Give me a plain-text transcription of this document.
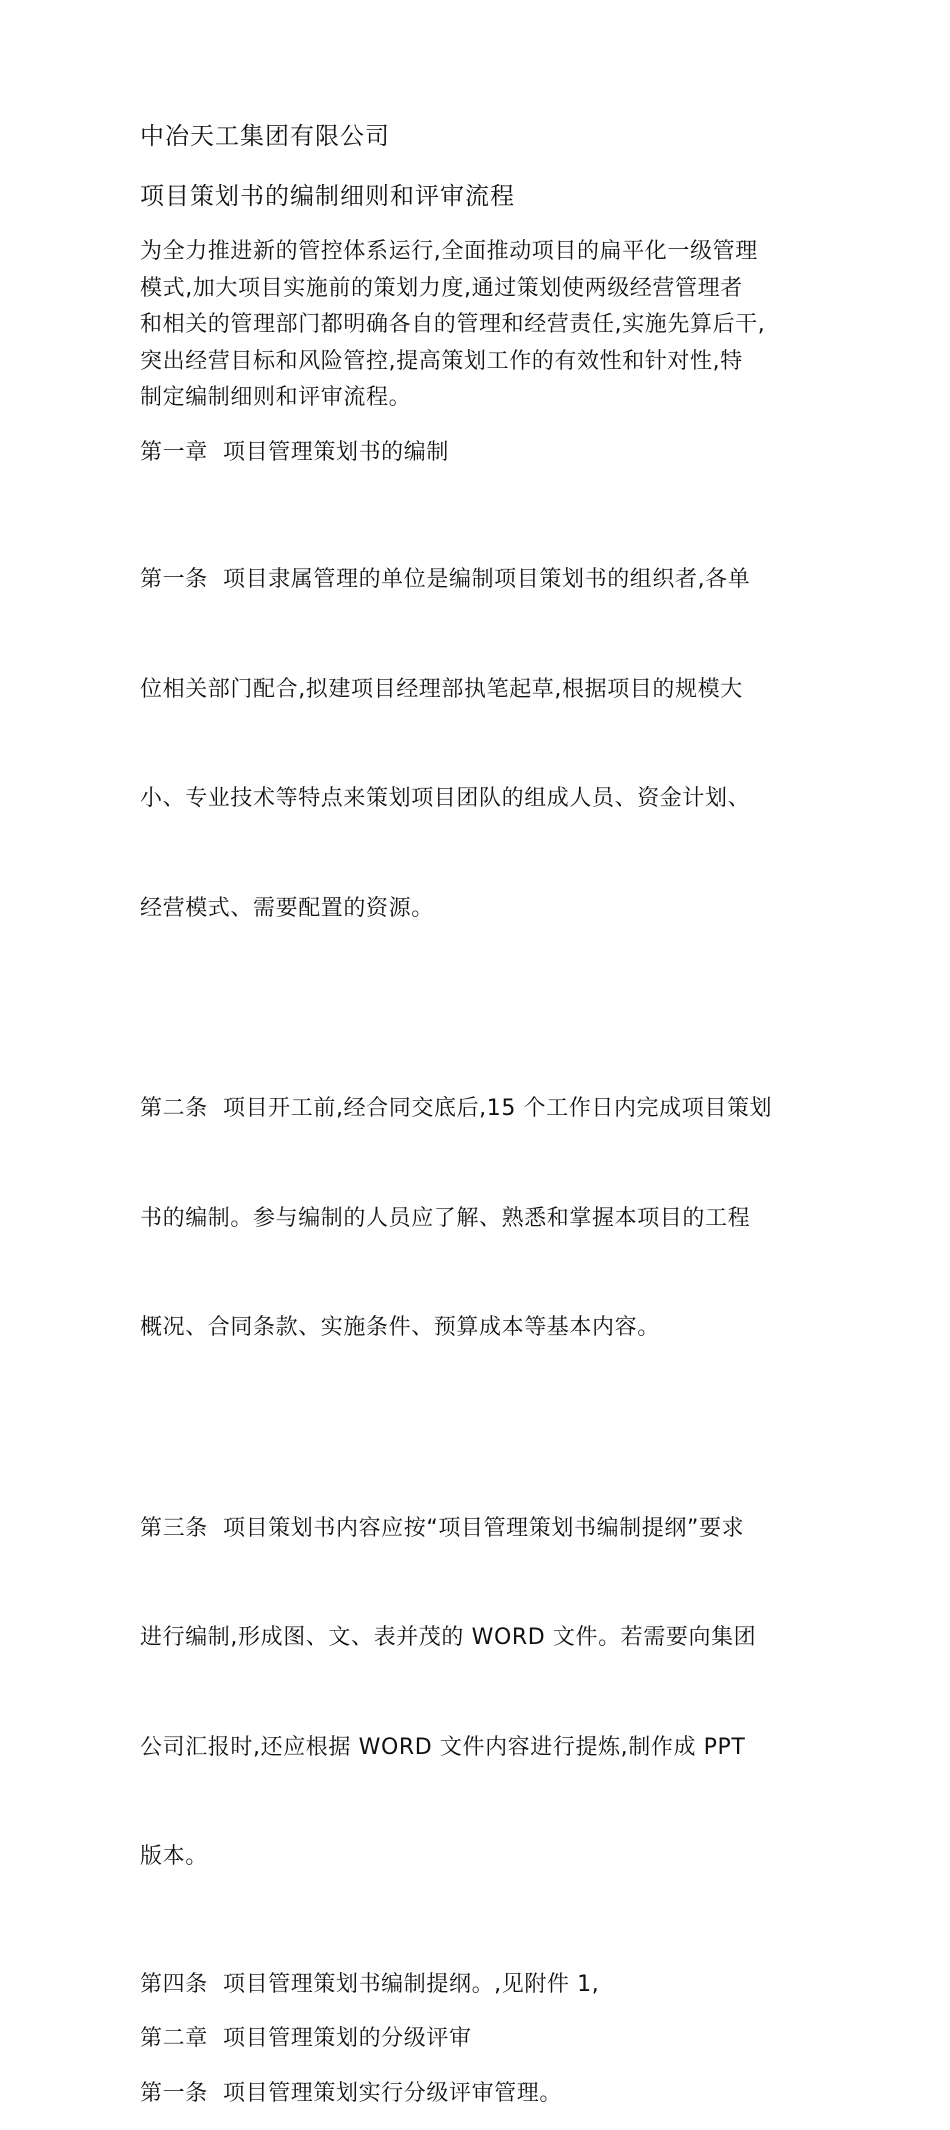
中冶天工集团有限公司
项目策划书的编制细则和评审流程
为全力推进新的管控体系运行,全面推动项目的扁平化一级管理
模式,加大项目实施前的策划力度,通过策划使两级经营管理者
和相关的管理部门都明确各自的管理和经营责任,实施先算后干,
突出经营目标和风险管控,提高策划工作的有效性和针对性,特
制定编制细则和评审流程。
第一章  项目管理策划书的编制

第一条  项目隶属管理的单位是编制项目策划书的组织者,各单

位相关部门配合,拟建项目经理部执笔起草,根据项目的规模大

小、专业技术等特点来策划项目团队的组成人员、资金计划、

经营模式、需要配置的资源。

第二条  项目开工前,经合同交底后,15 个工作日内完成项目策划

书的编制。参与编制的人员应了解、熟悉和掌握本项目的工程

概况、合同条款、实施条件、预算成本等基本内容。

第三条  项目策划书内容应按“项目管理策划书编制提纲”要求

进行编制,形成图、文、表并茂的 WORD 文件。若需要向集团

公司汇报时,还应根据 WORD 文件内容进行提炼,制作成 PPT

版本。

第四条  项目管理策划书编制提纲。,见附件 1,
第二章  项目管理策划的分级评审
第一条  项目管理策划实行分级评审管理。
